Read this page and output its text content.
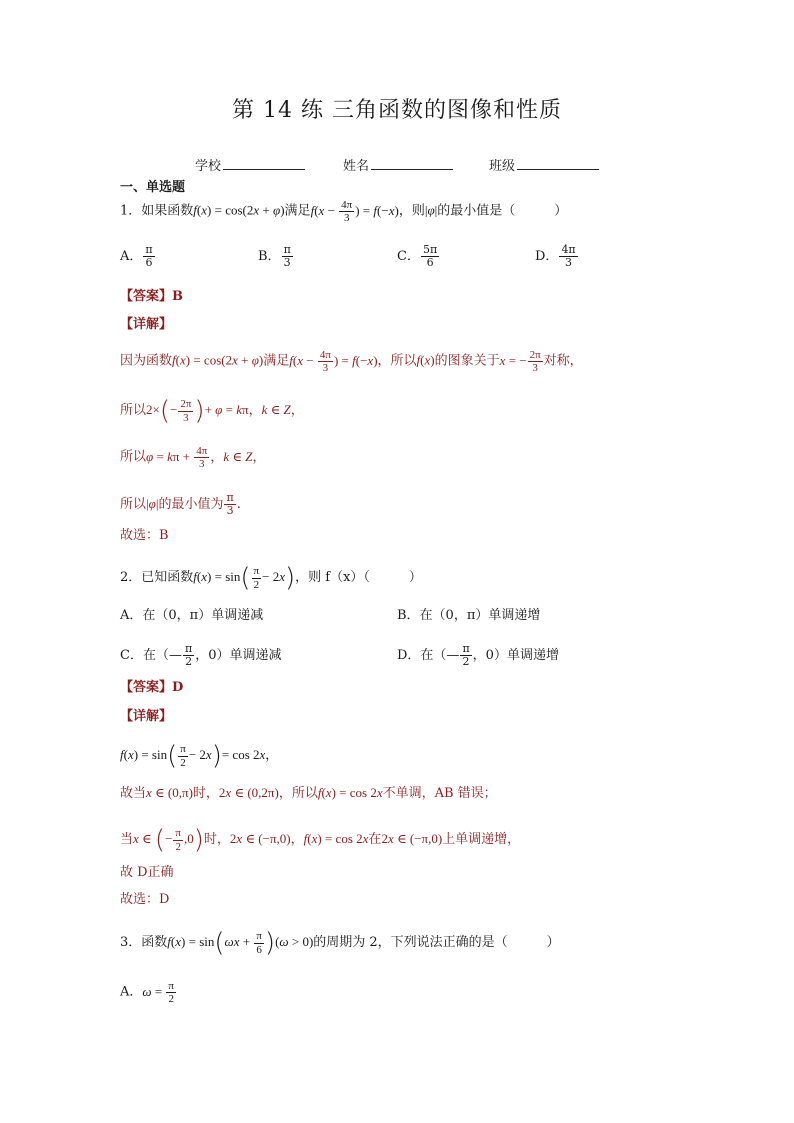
第 14 练 三角函数的图像和性质
学校	姓名	班级
一、单选题
1．如果函数f(x) = cos(2x + φ)满足$f(x - \frac{4\pi}{3}$ ) = f(−x)，则|φ|的最小值是（　　　）
A． $\frac{\pi}{6}$	B． $\frac{\pi}{3}$	C． $\frac{5\pi}{6}$	D． $\frac{4\pi}{3}$
【答案】B
【详解】
因为函数f(x) = cos(2x + φ)满足$f(x - \frac{4\pi}{3}$ ) = f(−x)，所以f(x)的图象关于x = − $\frac{2\pi}{3}$ 对称，
所以$2\times(- \frac{2\pi}{3}$ )+ φ = kπ，k ∈ Z，
所以$\varphi = k\pi + \frac{4\pi}{3}$ ，k ∈ Z，
所以|φ|的最小值为 $\frac{\pi}{3}$ .
故选：B
2．已知函数$f(x) = \sin( \frac{\pi}{2} - 2x)$，则 f（x）（　　　）
A．在（0，π）单调递减	B．在（0，π）单调递增
C．在（— $\frac{\pi}{2}$ ，0）单调递减	D．在（— $\frac{\pi}{2}$ ，0）单调递增
【答案】D
【详解】
$f(x) = \sin( \frac{\pi}{2} - 2x)= \cos 2x$，
故当x ∈ (0,π)时，2x ∈ (0,2π)，所以f(x) = cos 2x不单调，AB 错误；
当x ∈ (− $\frac{\pi}{2} ,0$)时，2x ∈ (−π,0)，f(x) = cos 2x在2x ∈ (−π,0)上单调递增，
故 D正确
故选：D
3．函数$f(x) = \sin(\omega x + \frac{\pi}{6} )(\omega > 0)$的周期为 2，下列说法正确的是（　　　）
A．$\omega = \frac{\pi}{2}$
